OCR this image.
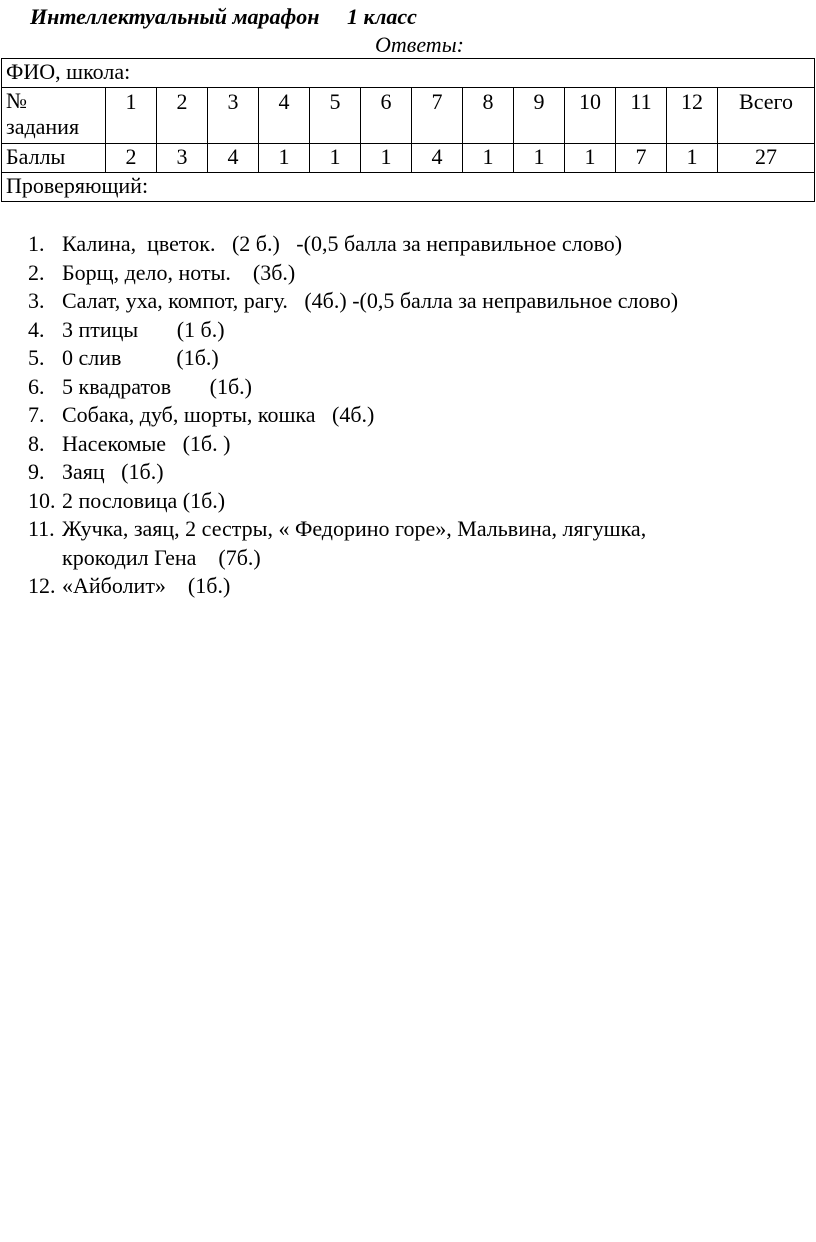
Интеллектуальный марафон 1 класс
Ответы:
ФИО, школа:													
№
задания	1	2	3	4	5	6	7	8	9	10	11	12	Всего
Баллы	2	3	4	1	1	1	4	1	1	1	7	1	27
Проверяющий:													
1. Калина,  цветок.   (2 б.)   -(0,5 балла за неправильное слово)
2. Борщ, дело, ноты.    (3б.)
3. Салат, уха, компот, рагу.   (4б.) -(0,5 балла за неправильное слово)
4. 3 птицы       (1 б.)
5. 0 слив          (1б.)
6. 5 квадратов       (1б.)
7. Собака, дуб, шорты, кошка   (4б.)
8. Насекомые   (1б. )
9. Заяц   (1б.)
10. 2 пословица (1б.)
11. Жучка, заяц, 2 сестры, « Федорино горе», Мальвина, лягушка,
крокодил Гена    (7б.)
12. «Айболит»    (1б.)
